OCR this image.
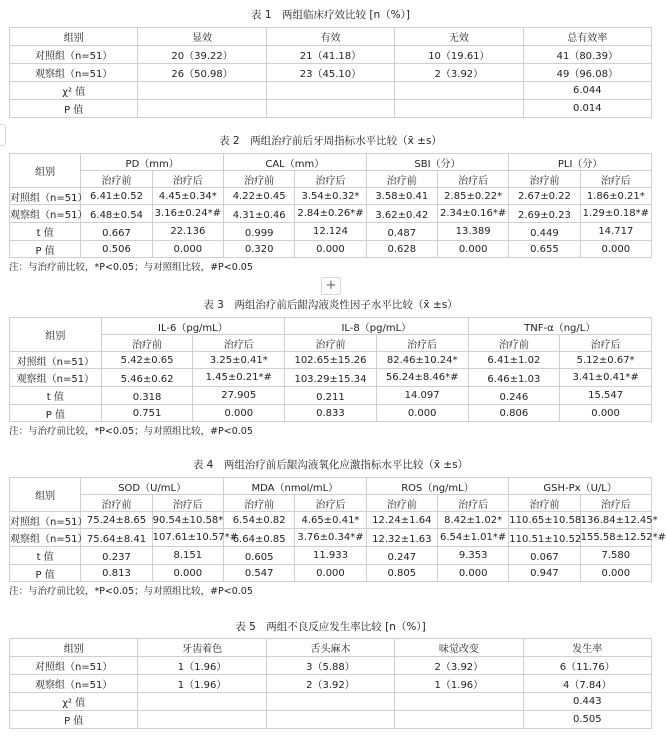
表 1　两组临床疗效比较 [n（%）]
组别	显效	有效	无效	总有效率
对照组（n=51）	20（39.22）	21（41.18）	10（19.61）	41（80.39）
观察组（n=51）	26（50.98）	23（45.10）	2（3.92）	49（96.08）
χ² 值				6.044
P 值				0.014
表 2　两组治疗前后牙周指标水平比较（x̄ ±s）
组别	PD（mm）		CAL（mm）		SBI（分）		PLI（分）	
	治疗前	治疗后	治疗前	治疗后	治疗前	治疗后	治疗前	治疗后
对照组（n=51）	6.41±0.52	4.45±0.34*	4.22±0.45	3.54±0.32*	3.58±0.41	2.85±0.22*	2.67±0.22	1.86±0.21*
观察组（n=51）	6.48±0.54	3.16±0.24*#	4.31±0.46	2.84±0.26*#	3.62±0.42	2.34±0.16*#	2.69±0.23	1.29±0.18*#
t 值	0.667	22.136	0.999	12.124	0.487	13.389	0.449	14.717
P 值	0.506	0.000	0.320	0.000	0.628	0.000	0.655	0.000
注：与治疗前比较，*P<0.05；与对照组比较，#P<0.05
+
表 3　两组治疗前后龈沟液炎性因子水平比较（x̄ ±s）
组别	IL-6（pg/mL）		IL-8（pg/mL）		TNF-α（ng/L）	
	治疗前	治疗后	治疗前	治疗后	治疗前	治疗后
对照组（n=51）	5.42±0.65	3.25±0.41*	102.65±15.26	82.46±10.24*	6.41±1.02	5.12±0.67*
观察组（n=51）	5.46±0.62	1.45±0.21*#	103.29±15.34	56.24±8.46*#	6.46±1.03	3.41±0.41*#
t 值	0.318	27.905	0.211	14.097	0.246	15.547
P 值	0.751	0.000	0.833	0.000	0.806	0.000
注：与治疗前比较，*P<0.05；与对照组比较，#P<0.05
表 4　两组治疗前后龈沟液氧化应激指标水平比较（x̄ ±s）
组别	SOD（U/mL）		MDA（nmol/mL）		ROS（ng/mL）		GSH-Px（U/L）	
	治疗前	治疗后	治疗前	治疗后	治疗前	治疗后	治疗前	治疗后
对照组（n=51）	75.24±8.65	90.54±10.58*	6.54±0.82	4.65±0.41*	12.24±1.64	8.42±1.02*	110.65±10.58	136.84±12.45*
观察组（n=51）	75.64±8.41	107.61±10.57*#	6.64±0.85	3.76±0.34*#	12.32±1.63	6.54±1.01*#	110.51±10.52	155.58±12.52*#
t 值	0.237	8.151	0.605	11.933	0.247	9.353	0.067	7.580
P 值	0.813	0.000	0.547	0.000	0.805	0.000	0.947	0.000
注：与治疗前比较，*P<0.05；与对照组比较，#P<0.05
表 5　两组不良反应发生率比较 [n（%）]
组别	牙齿着色	舌头麻木	味觉改变	发生率
对照组（n=51）	1（1.96）	3（5.88）	2（3.92）	6（11.76）
观察组（n=51）	1（1.96）	2（3.92）	1（1.96）	4（7.84）
χ² 值				0.443
P 值				0.505
